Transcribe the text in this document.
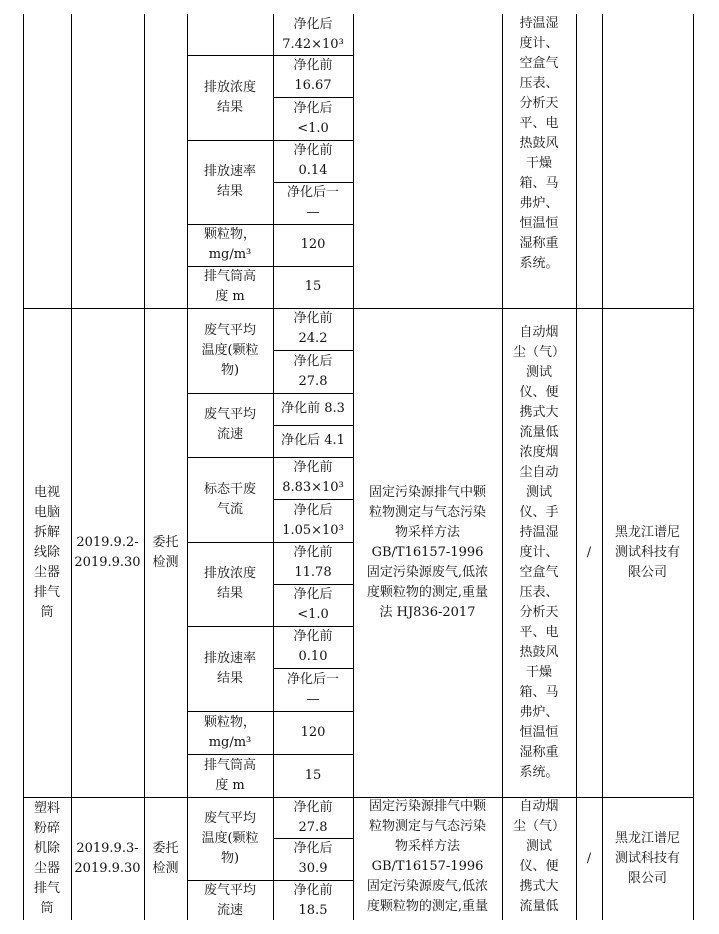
净化后
7.42×10³
排放浓度
结果
净化前
16.67
净化后
<1.0
排放速率
结果
净化前
0.14
净化后一
—
颗粒物，
mg/m³
120
排气筒高
度 m
15
持温湿
度计、
空盒气
压表、
分析天
平、电
热鼓风
干燥
箱、马
弗炉、
恒温恒
湿称重
系统。
电视
电脑
拆解
线除
尘器
排气
筒
2019.9.2-
2019.9.30
委托
检测
废气平均
温度(颗粒
物)
净化前
24.2
净化后
27.8
废气平均
流速
净化前 8.3
净化后 4.1
标态干废
气流
净化前
8.83×10³
净化后
1.05×10³
排放浓度
结果
净化前
11.78
净化后
<1.0
排放速率
结果
净化前
0.10
净化后一
—
颗粒物，
mg/m³
120
排气筒高
度 m
15
固定污染源排气中颗
粒物测定与气态污染
物采样方法
GB/T16157-1996
固定污染源废气,低浓
度颗粒物的测定,重量
法 HJ836-2017
自动烟
尘（气）
测试
仪、便
携式大
流量低
浓度烟
尘自动
测试
仪、手
持温湿
度计、
空盒气
压表、
分析天
平、电
热鼓风
干燥
箱、马
弗炉、
恒温恒
湿称重
系统。
/
黑龙江谱尼
测试科技有
限公司
塑料
粉碎
机除
尘器
排气
筒
2019.9.3-
2019.9.30
委托
检测
废气平均
温度(颗粒
物)
净化前
27.8
净化后
30.9
废气平均
流速
净化前
18.5
固定污染源排气中颗
粒物测定与气态污染
物采样方法
GB/T16157-1996
固定污染源废气,低浓
度颗粒物的测定,重量
自动烟
尘（气）
测试
仪、便
携式大
流量低
/
黑龙江谱尼
测试科技有
限公司
